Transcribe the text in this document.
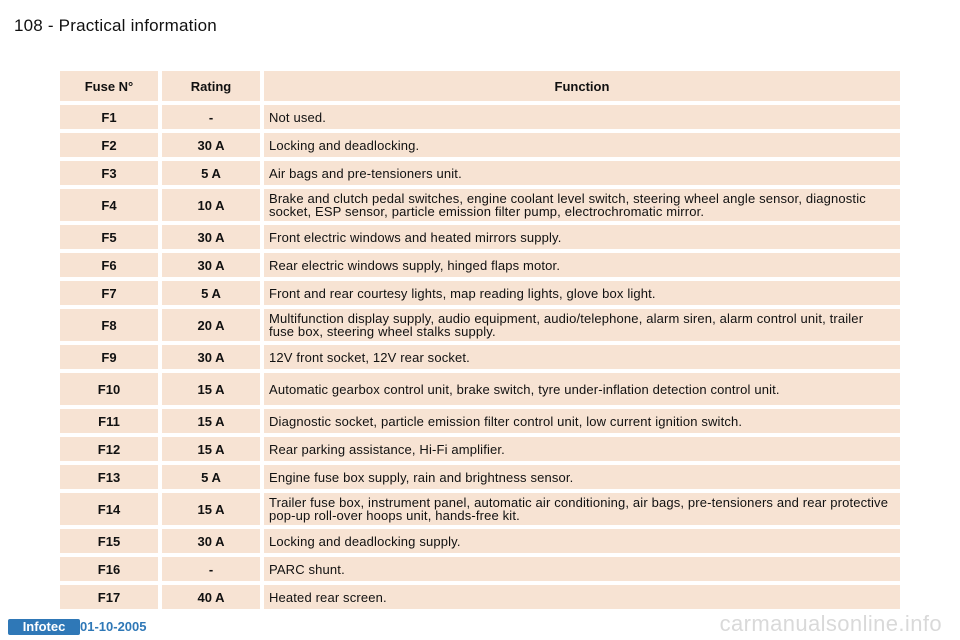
108 - Practical information
Fuse N°	Rating	Function
F1	-	Not used.
F2	30 A	Locking and deadlocking.
F3	5 A	Air bags and pre-tensioners unit.
F4	10 A	Brake and clutch pedal switches, engine coolant level switch, steering wheel angle sensor, diagnostic socket, ESP sensor, particle emission filter pump, electrochromatic mirror.
F5	30 A	Front electric windows and heated mirrors supply.
F6	30 A	Rear electric windows supply, hinged flaps motor.
F7	5 A	Front and rear courtesy lights, map reading lights, glove box light.
F8	20 A	Multifunction display supply, audio equipment, audio/telephone, alarm siren, alarm control unit, trailer fuse box, steering wheel stalks supply.
F9	30 A	12V front socket, 12V rear socket.
F10	15 A	Automatic gearbox control unit, brake switch, tyre under-inflation detection control unit.
F11	15 A	Diagnostic socket, particle emission filter control unit, low current ignition switch.
F12	15 A	Rear parking assistance, Hi-Fi amplifier.
F13	5 A	Engine fuse box supply, rain and brightness sensor.
F14	15 A	Trailer fuse box, instrument panel, automatic air conditioning, air bags, pre-tensioners and rear protective pop-up roll-over hoops unit, hands-free kit.
F15	30 A	Locking and deadlocking supply.
F16	-	PARC shunt.
F17	40 A	Heated rear screen.
Infotec	01-10-2005	carmanualsonline.info
